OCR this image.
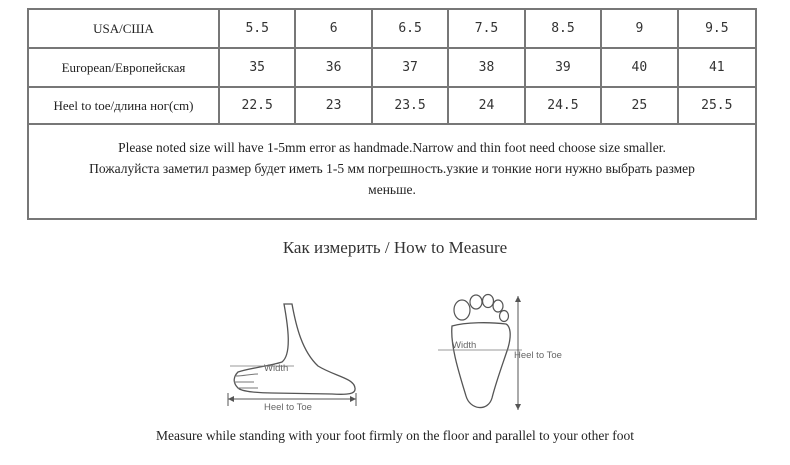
USA/США	5.5	6	6.5	7.5	8.5	9	9.5
European/Европейская	35	36	37	38	39	40	41
Heel to toe/длина ног(cm)	22.5	23	23.5	24	24.5	25	25.5

Please noted size will have 1-5mm error as handmade.Narrow and thin foot need choose size smaller.

Пожалуйста заметил размер будет иметь 1-5 мм погрешность.узкие и тонкие ноги нужно выбрать размер

меньше.

Как измерить / How to Measure
Width
Heel to Toe
Width
Heel to Toe
Measure while standing with your foot firmly on the floor and parallel to your other foot
